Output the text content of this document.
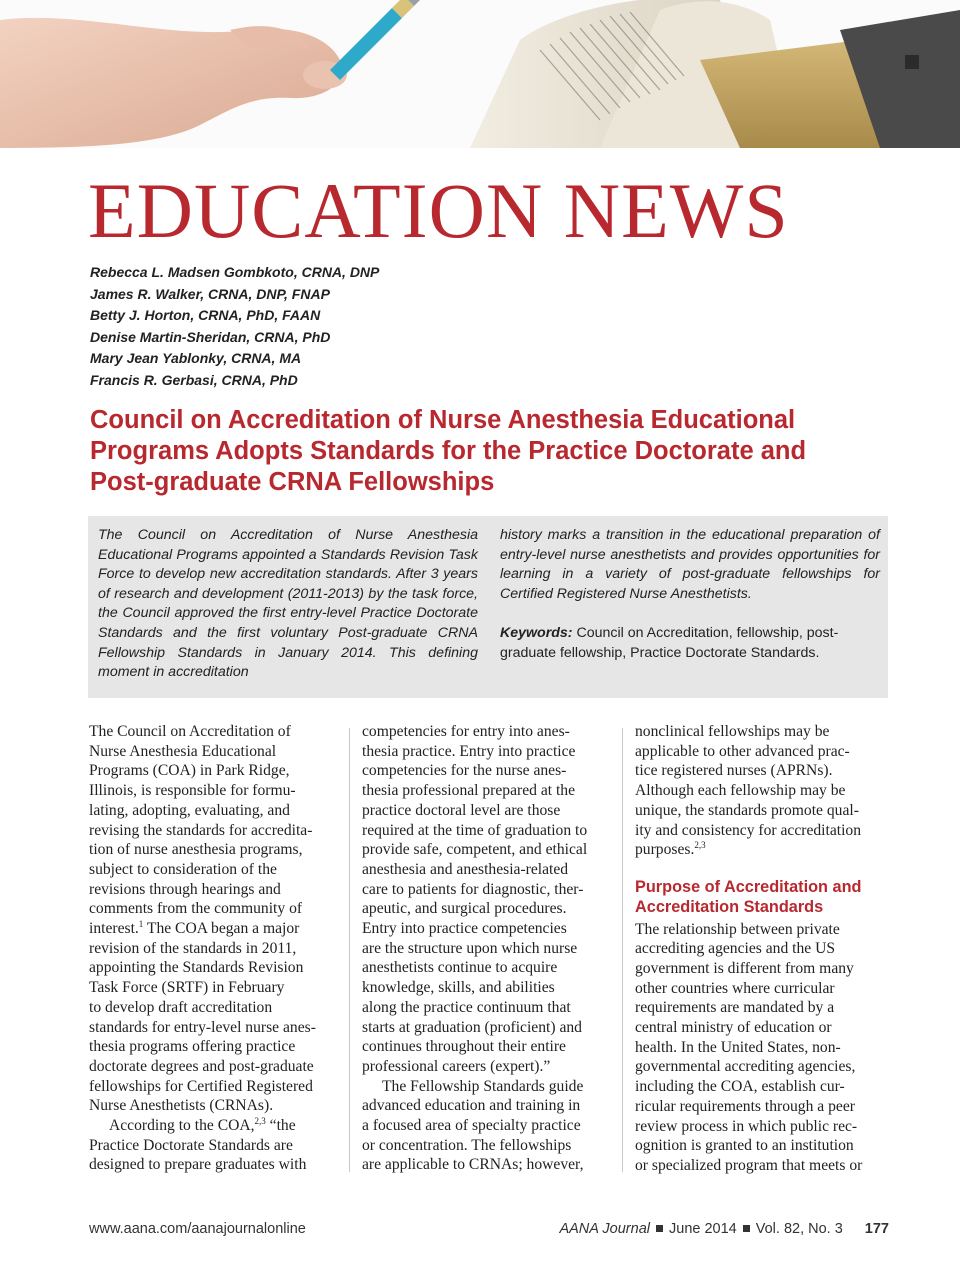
EDUCATION NEWS
Rebecca L. Madsen Gombkoto, CRNA, DNP
James R. Walker, CRNA, DNP, FNAP
Betty J. Horton, CRNA, PhD, FAAN
Denise Martin-Sheridan, CRNA, PhD
Mary Jean Yablonky, CRNA, MA
Francis R. Gerbasi, CRNA, PhD
Council on Accreditation of Nurse Anesthesia Educational
Programs Adopts Standards for the Practice Doctorate and
Post-graduate CRNA Fellowships
The Council on Accreditation of Nurse Anesthesia Educational Programs appointed a Standards Revision Task Force to develop new accreditation standards. After 3 years of research and development (2011-2013) by the task force, the Council approved the first entry-level Practice Doctorate Standards and the first voluntary Post-graduate CRNA Fellowship Standards in January 2014. This defining moment in accreditation
history marks a transition in the educational preparation of entry-level nurse anesthetists and provides opportunities for learning in a variety of post-graduate fellowships for Certified Registered Nurse Anesthetists.
Keywords: Council on Accreditation, fellowship, post-graduate fellowship, Practice Doctorate Standards.
The Council on Accreditation of
Nurse Anesthesia Educational
Programs (COA) in Park Ridge,
Illinois, is responsible for formu-
lating, adopting, evaluating, and
revising the standards for accredita-
tion of nurse anesthesia programs,
subject to consideration of the
revisions through hearings and
comments from the community of
interest.$^1$ The COA began a major
revision of the standards in 2011,
appointing the Standards Revision
Task Force (SRTF) in February
to develop draft accreditation
standards for entry-level nurse anes-
thesia programs offering practice
doctorate degrees and post-graduate
fellowships for Certified Registered
Nurse Anesthetists (CRNAs).
According to the COA,$^{2,3}$ “the
Practice Doctorate Standards are
designed to prepare graduates with
competencies for entry into anes-
thesia practice. Entry into practice
competencies for the nurse anes-
thesia professional prepared at the
practice doctoral level are those
required at the time of graduation to
provide safe, competent, and ethical
anesthesia and anesthesia-related
care to patients for diagnostic, ther-
apeutic, and surgical procedures.
Entry into practice competencies
are the structure upon which nurse
anesthetists continue to acquire
knowledge, skills, and abilities
along the practice continuum that
starts at graduation (proficient) and
continues throughout their entire
professional careers (expert).”
The Fellowship Standards guide
advanced education and training in
a focused area of specialty practice
or concentration. The fellowships
are applicable to CRNAs; however,
nonclinical fellowships may be
applicable to other advanced prac-
tice registered nurses (APRNs).
Although each fellowship may be
unique, the standards promote qual-
ity and consistency for accreditation
purposes.$^{2,3}$
Purpose of Accreditation and
Accreditation Standards
The relationship between private
accrediting agencies and the US
government is different from many
other countries where curricular
requirements are mandated by a
central ministry of education or
health. In the United States, non-
governmental accrediting agencies,
including the COA, establish cur-
ricular requirements through a peer
review process in which public rec-
ognition is granted to an institution
or specialized program that meets or
www.aana.com/aanajournalonline	AANA Journal June 2014 Vol. 82, No. 3 177
